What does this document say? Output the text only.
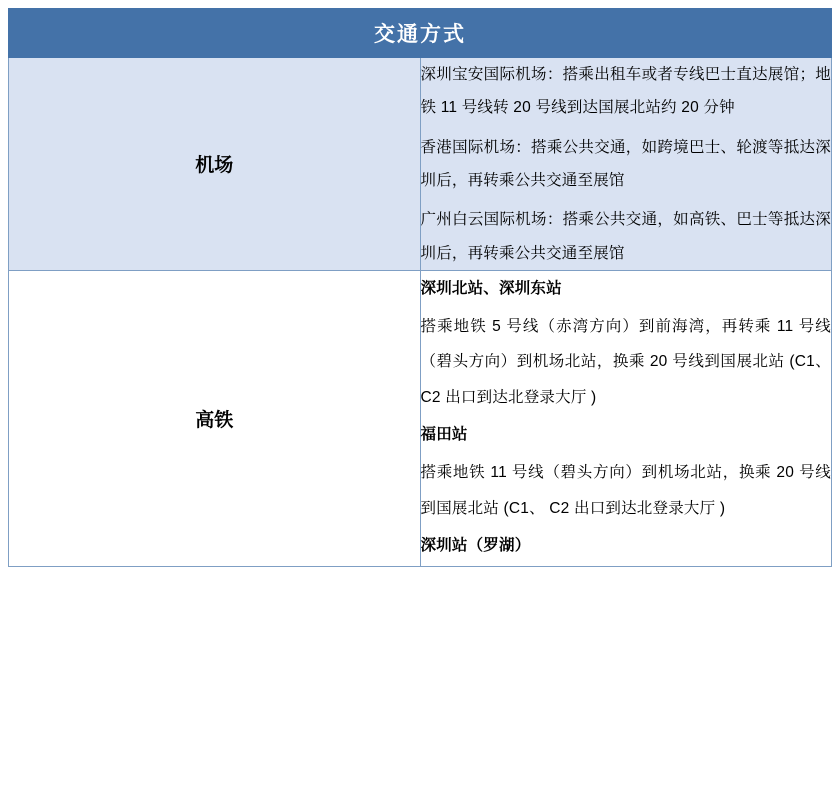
交通方式	
机场	深圳宝安国际机场：搭乘出租车或者专线巴士直达展馆；地铁 11 号线转 20 号线到达国展北站约 20 分钟

香港国际机场：搭乘公共交通，如跨境巴士、轮渡等抵达深圳后，再转乘公共交通至展馆

广州白云国际机场：搭乘公共交通，如高铁、巴士等抵达深圳后，再转乘公共交通至展馆

高铁	深圳北站、深圳东站

搭乘地铁 5 号线（赤湾方向）到前海湾，再转乘 11 号线（碧头方向）到机场北站，换乘 20 号线到国展北站 (C1、 C2 出口到达北登录大厅 )

福田站

搭乘地铁 11 号线（碧头方向）到机场北站，换乘 20 号线到国展北站 (C1、 C2 出口到达北登录大厅 )

深圳站（罗湖）
